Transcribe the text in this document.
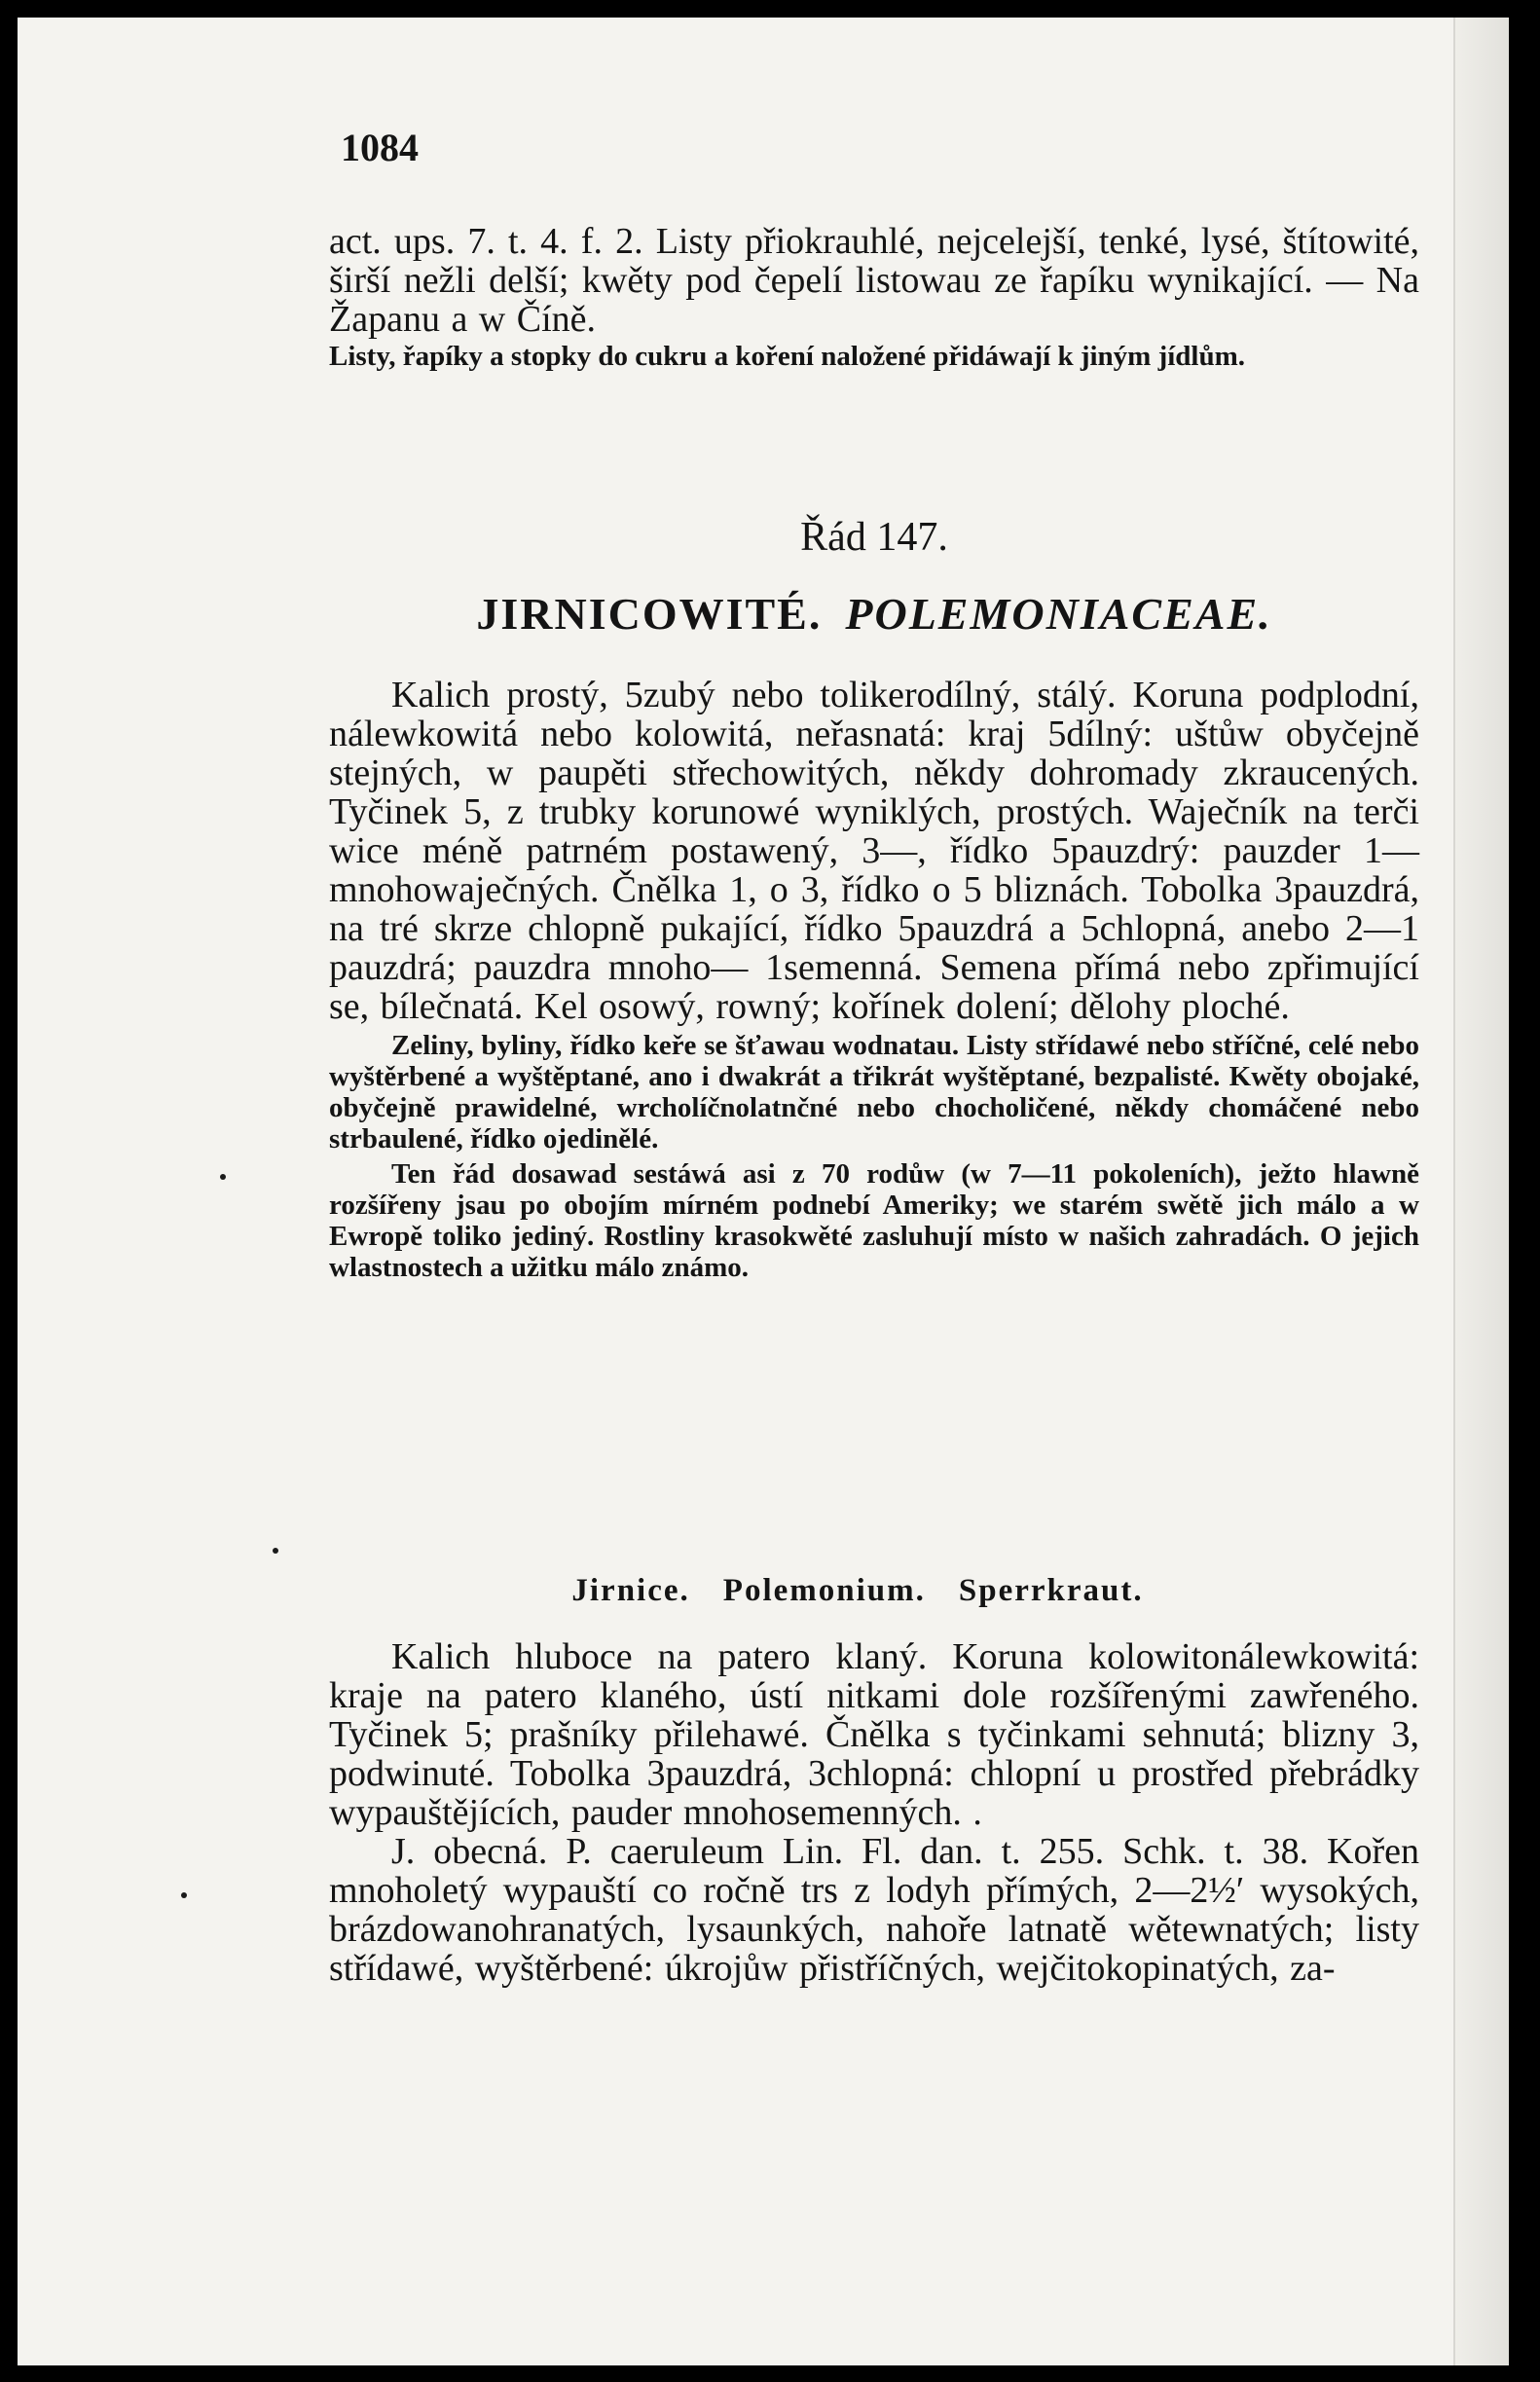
1084

act. ups. 7. t. 4. f. 2. Listy přiokrauhlé, nejcelejší, tenké, lysé, štítowité, širší nežli delší; kwěty pod čepelí listowau ze řapíku wynikající. — Na Žapanu a w Číně.

Listy, řapíky a stopky do cukru a koření naložené přidáwají k jiným jídlům.

Řád 147.
JIRNICOWITÉ. POLEMONIACEAE.

Kalich prostý, 5zubý nebo tolikerodílný, stálý. Koruna podplodní, nálewkowitá nebo kolowitá, neřasnatá: kraj 5dílný: uštůw obyčejně stejných, w paupěti střechowitých, někdy dohromady zkraucených. Tyčinek 5, z trubky korunowé wyniklých, prostých. Waječník na terči wice méně patrném postawený, 3—, řídko 5pauzdrý: pauzder 1— mnohowaječných. Čnělka 1, o 3, řídko o 5 bliznách. Tobolka 3pauzdrá, na tré skrze chlopně pukající, řídko 5pauzdrá a 5chlopná, anebo 2—1 pauzdrá; pauzdra mnoho— 1semenná. Semena přímá nebo zpřimující se, bílečnatá. Kel osowý, rowný; kořínek dolení; dělohy ploché.

Zeliny, byliny, řídko keře se šťawau wodnatau. Listy střídawé nebo stříčné, celé nebo wyštěrbené a wyštěptané, ano i dwakrát a třikrát wyštěptané, bezpalisté. Kwěty obojaké, obyčejně prawidelné, wrcholíčnolatnčné nebo chocholičené, někdy chomáčené nebo strbaulené, řídko ojedinělé.

Ten řád dosawad sestáwá asi z 70 rodůw (w 7—11 pokoleních), ježto hlawně rozšířeny jsau po obojím mírném podnebí Ameriky; we starém swětě jich málo a w Ewropě toliko jediný. Rostliny krasokwěté zasluhují místo w našich zahradách. O jejich wlastnostech a užitku málo známo.

Jirnice. Polemonium. Sperrkraut.

Kalich hluboce na patero klaný. Koruna kolowitonálewkowitá: kraje na patero klaného, ústí nitkami dole rozšířenými zawřeného. Tyčinek 5; prašníky přilehawé. Čnělka s tyčinkami sehnutá; blizny 3, podwinuté. Tobolka 3pauzdrá, 3chlopná: chlopní u prostřed přebrádky wypauštějících, pauder mnohosemenných. .

J. obecná. P. caeruleum Lin. Fl. dan. t. 255. Schk. t. 38. Kořen mnoholetý wypauští co ročně trs z lodyh přímých, 2—2½′ wysokých, brázdowanohranatých, lysaunkých, nahoře latnatě wětewnatých; listy střídawé, wyštěrbené: úkrojůw přistříčných, wejčitokopinatých, za-
